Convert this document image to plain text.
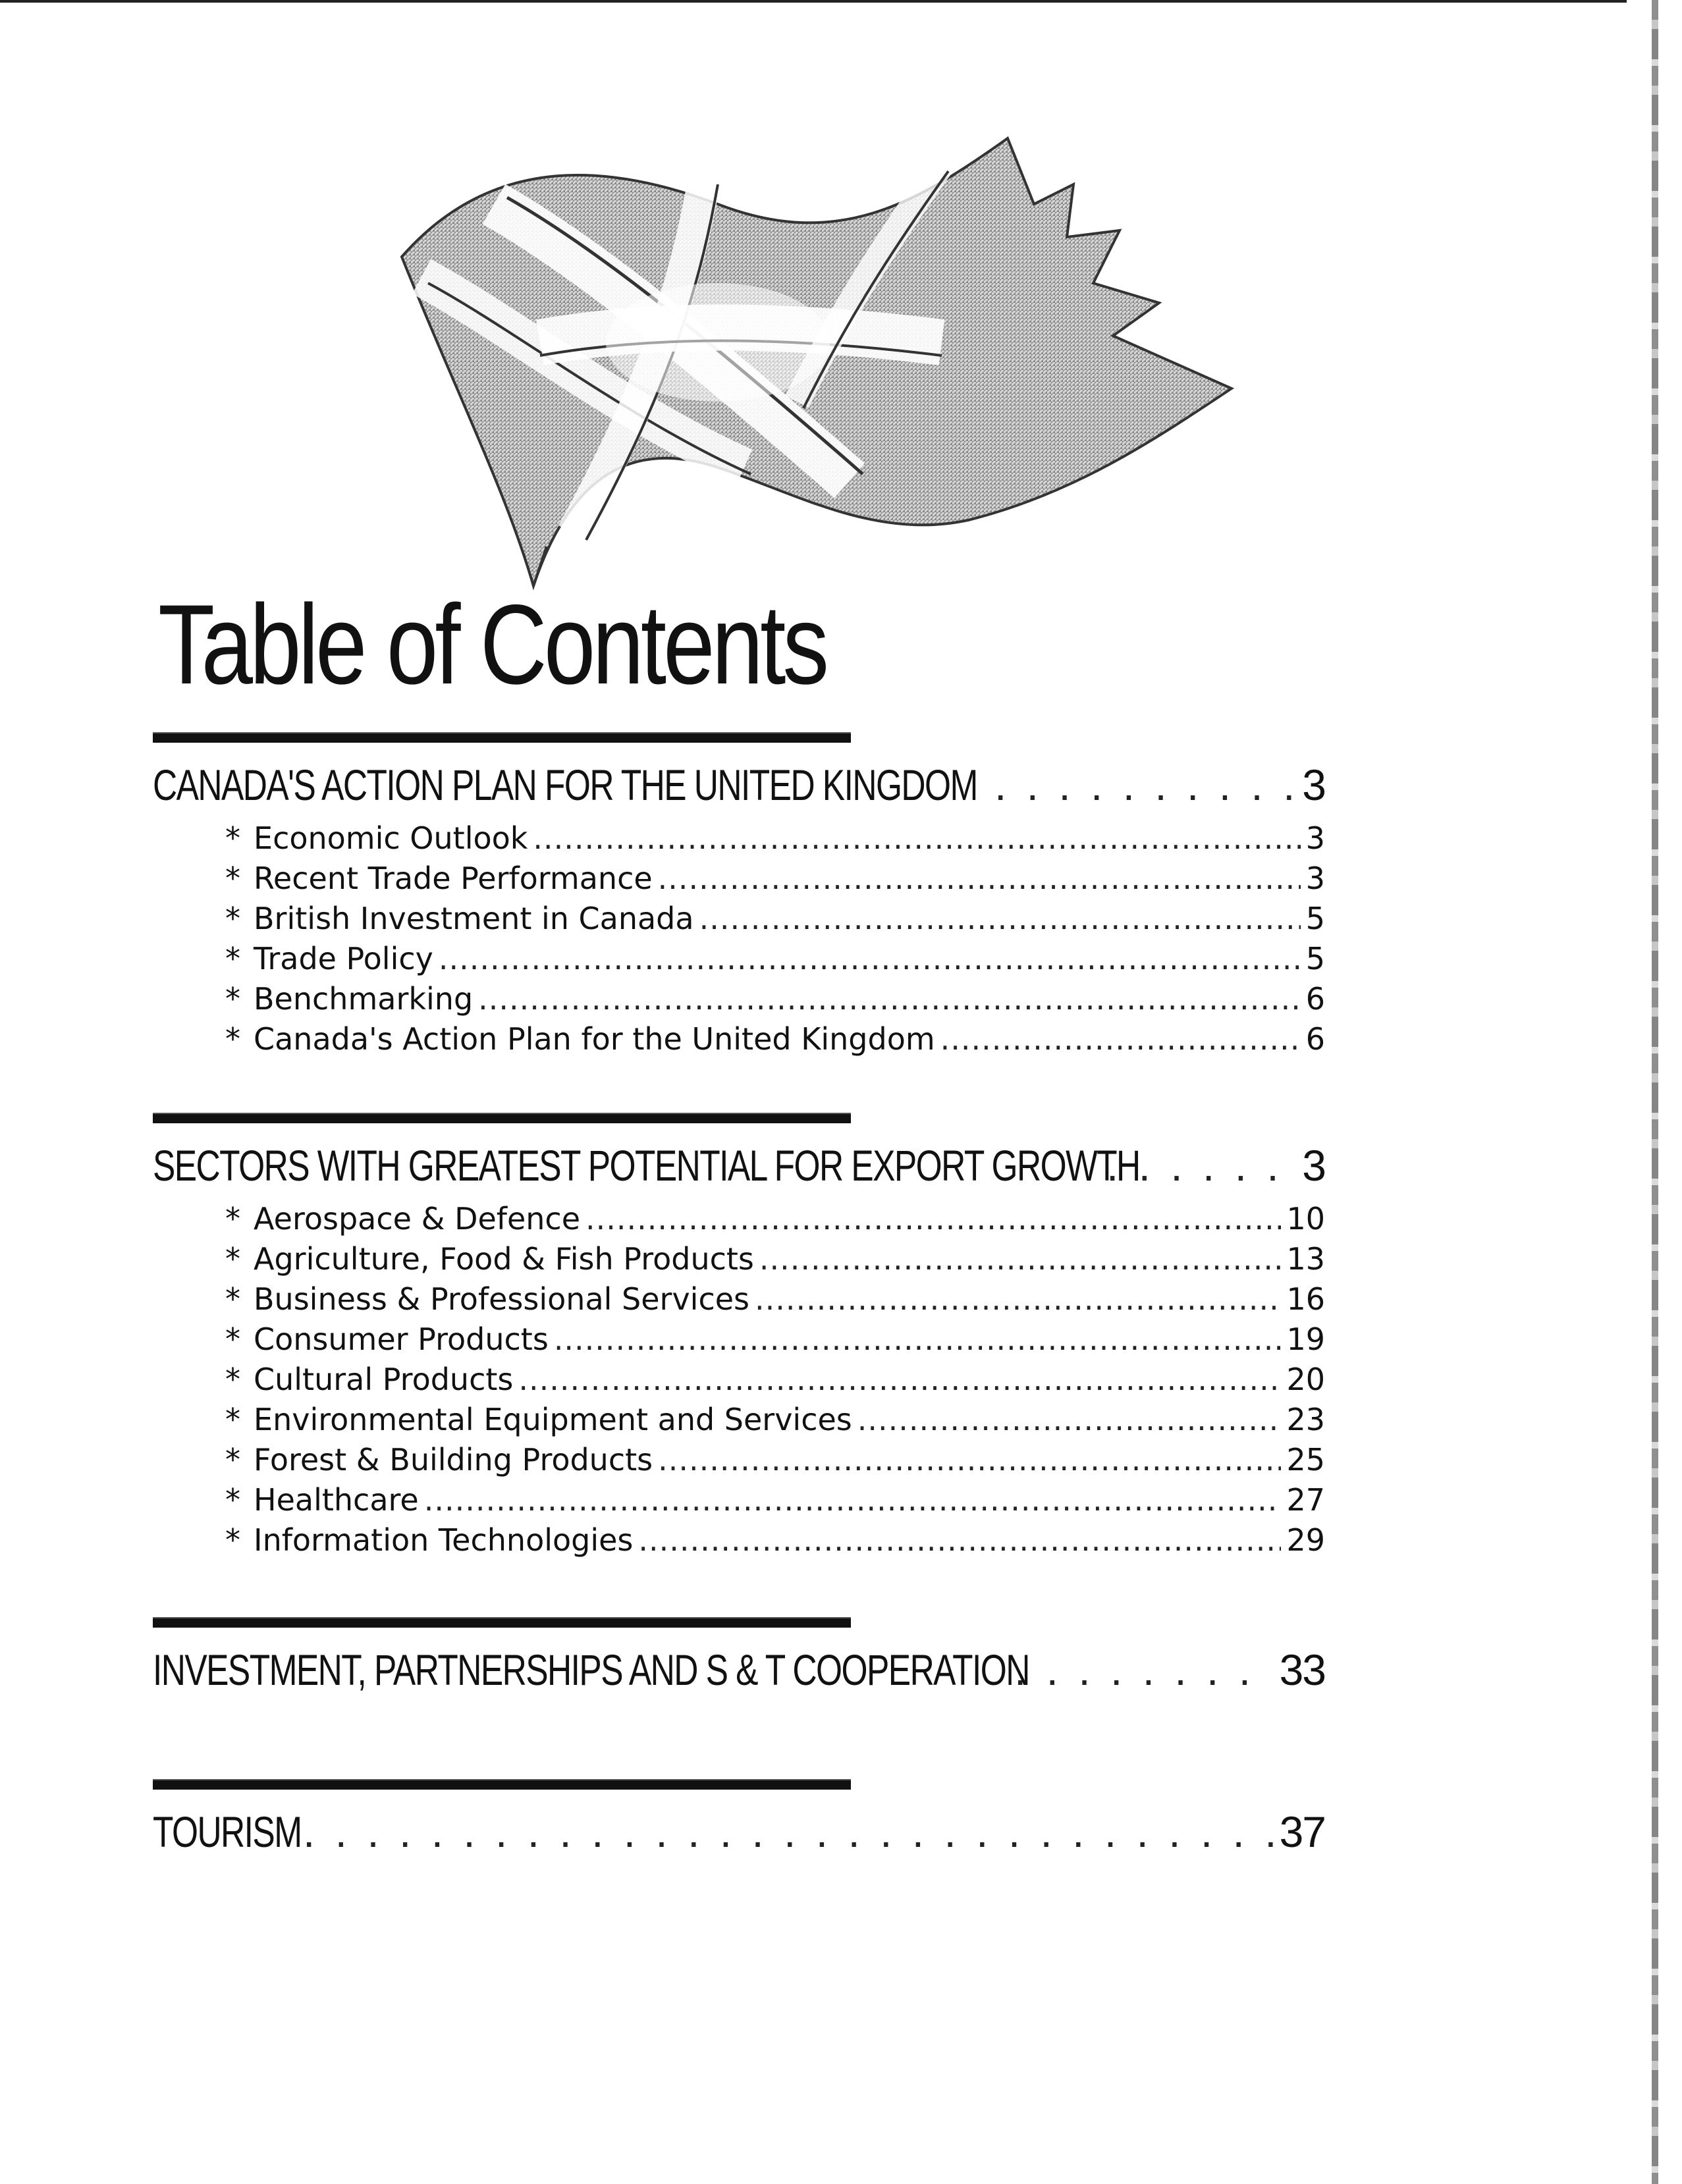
Table of Contents
CANADA'S ACTION PLAN FOR THE UNITED KINGDOM . . .	3
* Economic Outlook .....	3
* Recent Trade Performance .....	3
* British Investment in Canada .....	5
* Trade Policy .....	5
* Benchmarking .....	6
* Canada's Action Plan for the United Kingdom .....	6
SECTORS WITH GREATEST POTENTIAL FOR EXPORT GROWTH . . .	3
* Aerospace & Defence .....	10
* Agriculture, Food & Fish Products .....	13
* Business & Professional Services .....	16
* Consumer Products .....	19
* Cultural Products .....	20
* Environmental Equipment and Services .....	23
* Forest & Building Products .....	25
* Healthcare .....	27
* Information Technologies .....	29
INVESTMENT, PARTNERSHIPS AND S & T COOPERATION . . .	33
TOURISM . . .	37
